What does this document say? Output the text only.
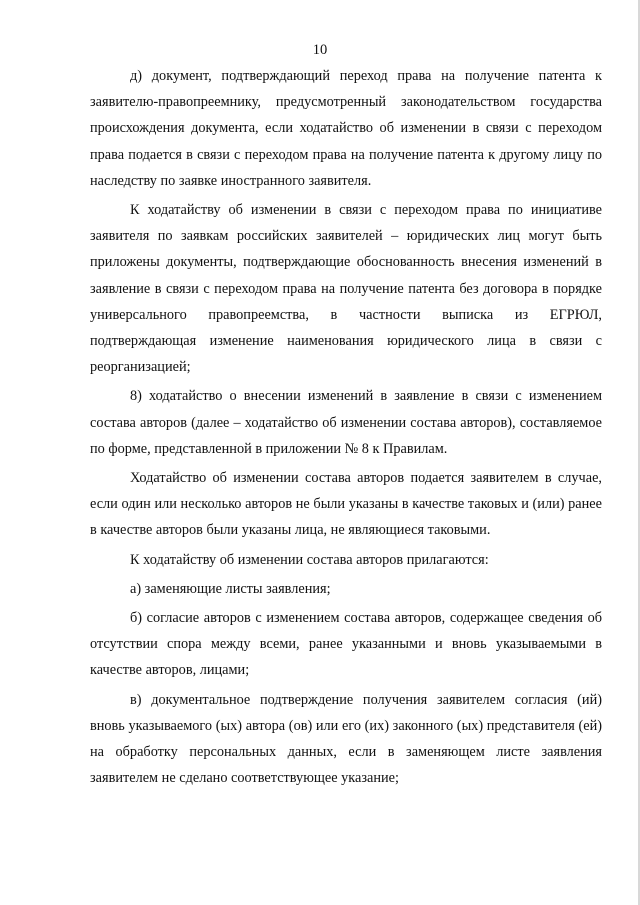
10

д) документ, подтверждающий переход права на получение патента к заявителю-правопреемнику, предусмотренный законодательством государства происхождения документа, если ходатайство об изменении в связи с переходом права подается в связи с переходом права на получение патента к другому лицу по наследству по заявке иностранного заявителя.

К ходатайству об изменении в связи с переходом права по инициативе заявителя по заявкам российских заявителей – юридических лиц могут быть приложены документы, подтверждающие обоснованность внесения изменений в заявление в связи с переходом права на получение патента без договора в порядке универсального правопреемства, в частности выписка из ЕГРЮЛ, подтверждающая изменение наименования юридического лица в связи с реорганизацией;

8) ходатайство о внесении изменений в заявление в связи с изменением состава авторов (далее – ходатайство об изменении состава авторов), составляемое по форме, представленной в приложении № 8 к Правилам.

Ходатайство об изменении состава авторов подается заявителем в случае, если один или несколько авторов не были указаны в качестве таковых и (или) ранее в качестве авторов были указаны лица, не являющиеся таковыми.

К ходатайству об изменении состава авторов прилагаются:

а) заменяющие листы заявления;

б) согласие авторов с изменением состава авторов, содержащее сведения об отсутствии спора между всеми, ранее указанными и вновь указываемыми в качестве авторов, лицами;

в) документальное подтверждение получения заявителем согласия (ий) вновь указываемого (ых) автора (ов) или его (их) законного (ых) представителя (ей) на обработку персональных данных, если в заменяющем листе заявления заявителем не сделано соответствующее указание;
